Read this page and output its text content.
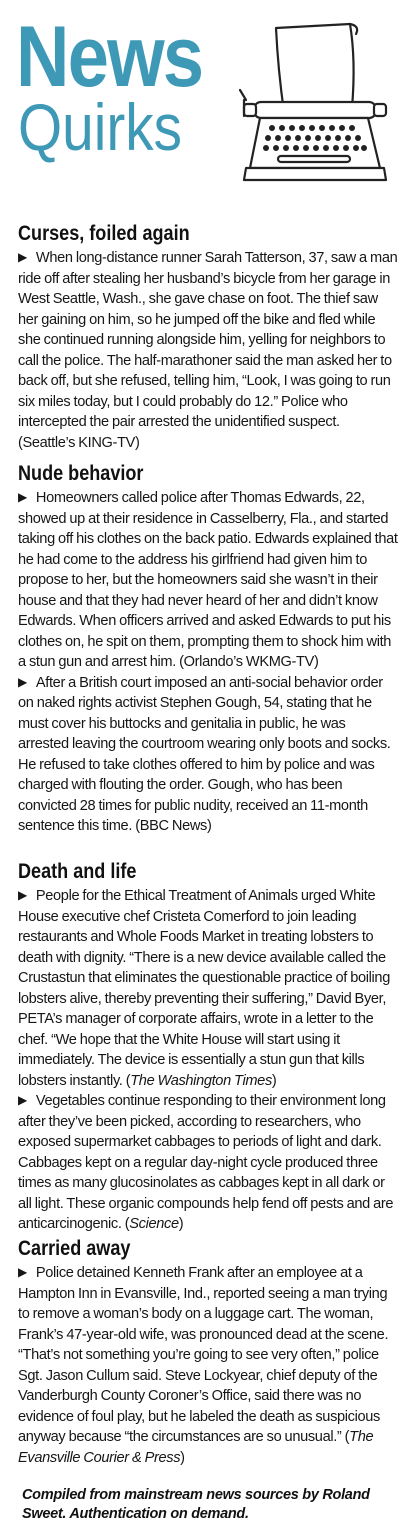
News
Quirks
Curses, foiled again

▶ When long-distance runner Sarah Tatterson, 37, saw a man ride off after stealing her husband’s bicycle from her garage in West Seattle, Wash., she gave chase on foot. The thief saw her gaining on him, so he jumped off the bike and fled while she continued running alongside him, yelling for neighbors to call the police. The half-marathoner said the man asked her to back off, but she refused, telling him, “Look, I was going to run six miles today, but I could probably do 12.” Police who intercepted the pair arrested the unidentified suspect. (Seattle’s KING-TV)

Nude behavior

▶ Homeowners called police after Thomas Edwards, 22, showed up at their residence in Casselberry, Fla., and started taking off his clothes on the back patio. Edwards explained that he had come to the address his girlfriend had given him to propose to her, but the homeowners said she wasn’t in their house and that they had never heard of her and didn’t know Edwards. When officers arrived and asked Edwards to put his clothes on, he spit on them, prompting them to shock him with a stun gun and arrest him. (Orlando’s WKMG-TV)

▶ After a British court imposed an anti-social behavior order on naked rights activist Stephen Gough, 54, stating that he must cover his buttocks and genitalia in public, he was arrested leaving the courtroom wearing only boots and socks. He refused to take clothes offered to him by police and was charged with flouting the order. Gough, who has been convicted 28 times for public nudity, received an 11-month sentence this time. (BBC News)

Death and life

▶ People for the Ethical Treatment of Animals urged White House executive chef Cristeta Comerford to join leading restaurants and Whole Foods Market in treating lobsters to death with dignity. “There is a new device available called the Crustastun that eliminates the questionable practice of boiling lobsters alive, thereby preventing their suffering,” David Byer, PETA’s manager of corporate affairs, wrote in a letter to the chef. “We hope that the White House will start using it immediately. The device is essentially a stun gun that kills lobsters instantly. (The Washington Times)

▶ Vegetables continue responding to their environment long after they’ve been picked, according to researchers, who exposed supermarket cabbages to periods of light and dark. Cabbages kept on a regular day-night cycle produced three times as many glucosinolates as cabbages kept in all dark or all light. These organic compounds help fend off pests and are anticarcinogenic. (Science)

Carried away

▶ Police detained Kenneth Frank after an employee at a Hampton Inn in Evansville, Ind., reported seeing a man trying to remove a woman’s body on a luggage cart. The woman, Frank’s 47-year-old wife, was pronounced dead at the scene. “That’s not something you’re going to see very often,” police Sgt. Jason Cullum said. Steve Lockyear, chief deputy of the Vanderburgh County Coroner’s Office, said there was no evidence of foul play, but he labeled the death as suspicious anyway because “the circumstances are so unusual.” (The Evansville Courier & Press)

Compiled from mainstream news sources by Roland Sweet. Authentication on demand.
